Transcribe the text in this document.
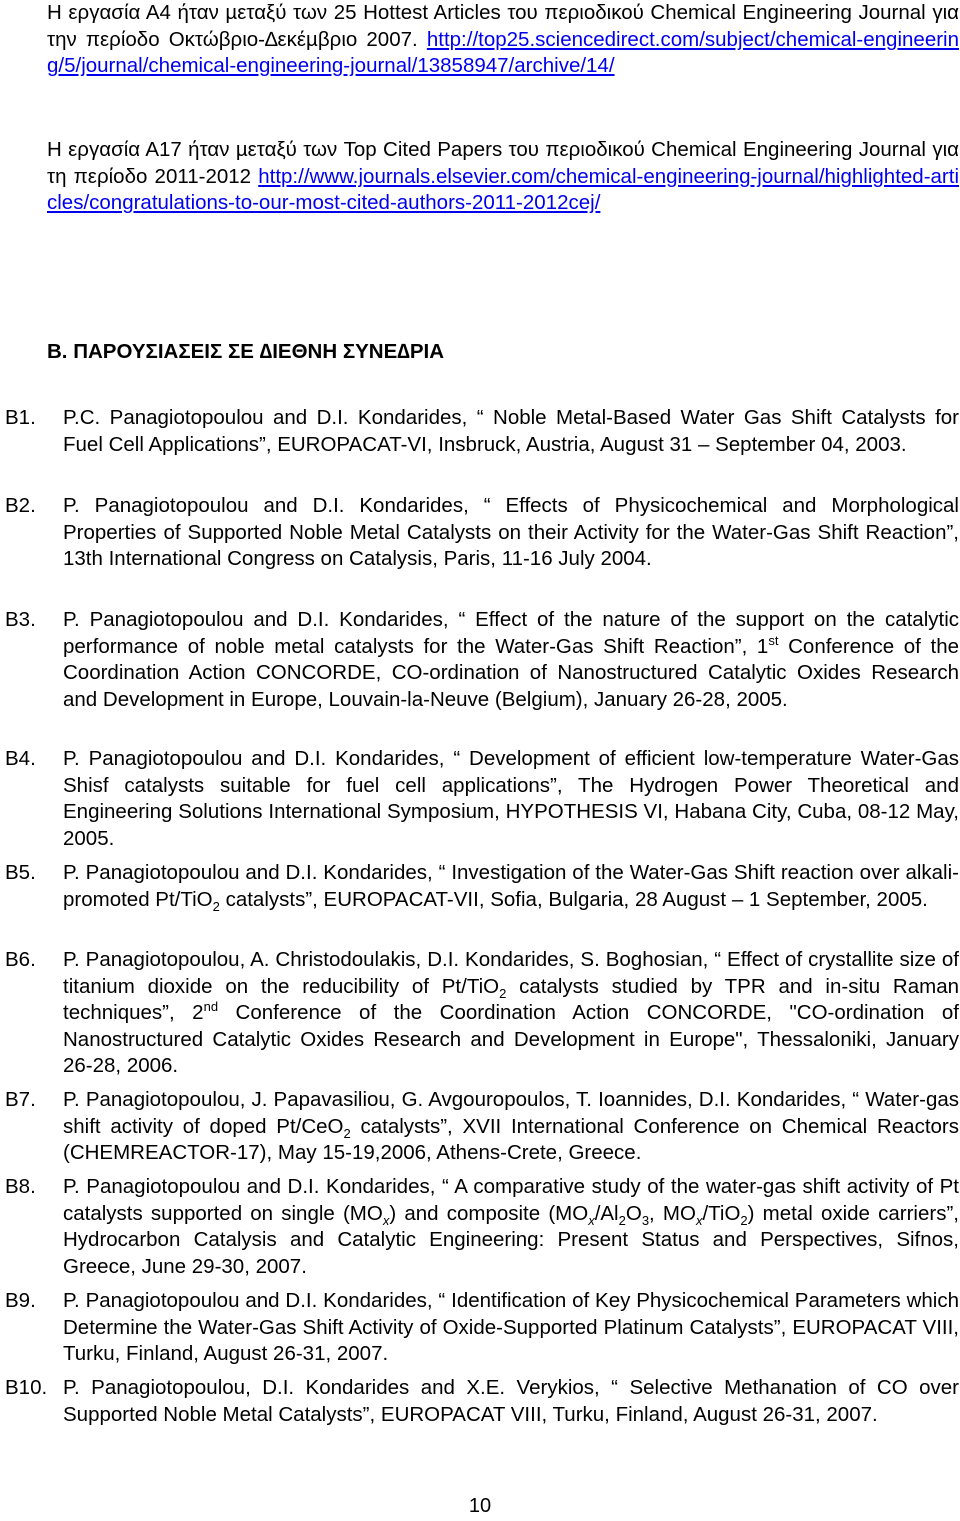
Η εργασία Α4 ήταν µεταξύ των 25 Hottest Articles του περιοδικού Chemical Engineering Journal για την περίοδο Οκτώβριο-∆εκέµβριο 2007. http://top25.sciencedirect.com/subject/chemical-engineering/5/journal/chemical-engineering-journal/13858947/archive/14/
Η εργασία Α17 ήταν µεταξύ των Top Cited Papers του περιοδικού Chemical Engineering Journal για τη περίοδο 2011-2012 http://www.journals.elsevier.com/chemical-engineering-journal/highlighted-articles/congratulations-to-our-most-cited-authors-2011-2012cej/
Β. ΠΑΡΟΥΣΙΑΣΕΙΣ ΣΕ ∆ΙΕΘΝΗ ΣΥΝΕ∆ΡΙΑ
B1. P.C. Panagiotopoulou and D.I. Kondarides, “ Noble Metal-Based Water Gas Shift Catalysts for Fuel Cell Applications”, EUROPACAT-VI, Insbruck, Austria, August 31 – September 04, 2003.
B2. P. Panagiotopoulou and D.I. Kondarides, “ Effects of Physicochemical and Morphological Properties of Supported Noble Metal Catalysts on their Activity for the Water-Gas Shift Reaction”, 13th International Congress on Catalysis, Paris, 11-16 July 2004.
B3. P. Panagiotopoulou and D.I. Kondarides, “ Effect of the nature of the support on the catalytic performance of noble metal catalysts for the Water-Gas Shift Reaction”, 1st Conference of the Coordination Action CONCORDE, CO-ordination of Nanostructured Catalytic Oxides Research and Development in Europe, Louvain-la-Neuve (Belgium), January 26-28, 2005.
B4. P. Panagiotopoulou and D.I. Kondarides, “ Development of efficient low-temperature Water-Gas Shisf catalysts suitable for fuel cell applications”, The Hydrogen Power Theoretical and Engineering Solutions International Symposium, HYPOTHESIS VI, Habana City, Cuba, 08-12 May, 2005.
B5. P. Panagiotopoulou and D.I. Kondarides, “ Investigation of the Water-Gas Shift reaction over alkali-promoted Pt/TiO$_2$ catalysts”, EUROPACAT-VII, Sofia, Bulgaria, 28 August – 1 September, 2005.
B6. P. Panagiotopoulou, A. Christodoulakis, D.I. Kondarides, S. Boghosian, “ Effect of crystallite size of titanium dioxide on the reducibility of Pt/TiO$_2$ catalysts studied by TPR and in-situ Raman techniques”, 2nd Conference of the Coordination Action CONCORDE, "CO-ordination of Nanostructured Catalytic Oxides Research and Development in Europe", Thessaloniki, January 26-28, 2006.
B7. P. Panagiotopoulou, J. Papavasiliou, G. Avgouropoulos, T. Ioannides, D.I. Kondarides, “ Water-gas shift activity of doped Pt/CeO$_2$ catalysts”, XVII International Conference on Chemical Reactors (CHEMREACTOR-17), May 15-19,2006, Athens-Crete, Greece.
B8. P. Panagiotopoulou and D.I. Kondarides, “ A comparative study of the water-gas shift activity of Pt catalysts supported on single $(MO_x)$ and composite ($MO_x/Al_2O_3$, $MO_x/TiO_2$) metal oxide carriers”, Hydrocarbon Catalysis and Catalytic Engineering: Present Status and Perspectives, Sifnos, Greece, June 29-30, 2007.
B9. P. Panagiotopoulou and D.I. Kondarides, “ Identification of Key Physicochemical Parameters which Determine the Water-Gas Shift Activity of Oxide-Supported Platinum Catalysts”, EUROPACAT VIII, Turku, Finland, August 26-31, 2007.
B10. P. Panagiotopoulou, D.I. Kondarides and X.E. Verykios, “ Selective Methanation of CO over Supported Noble Metal Catalysts”, EUROPACAT VIII, Turku, Finland, August 26-31, 2007.
10
